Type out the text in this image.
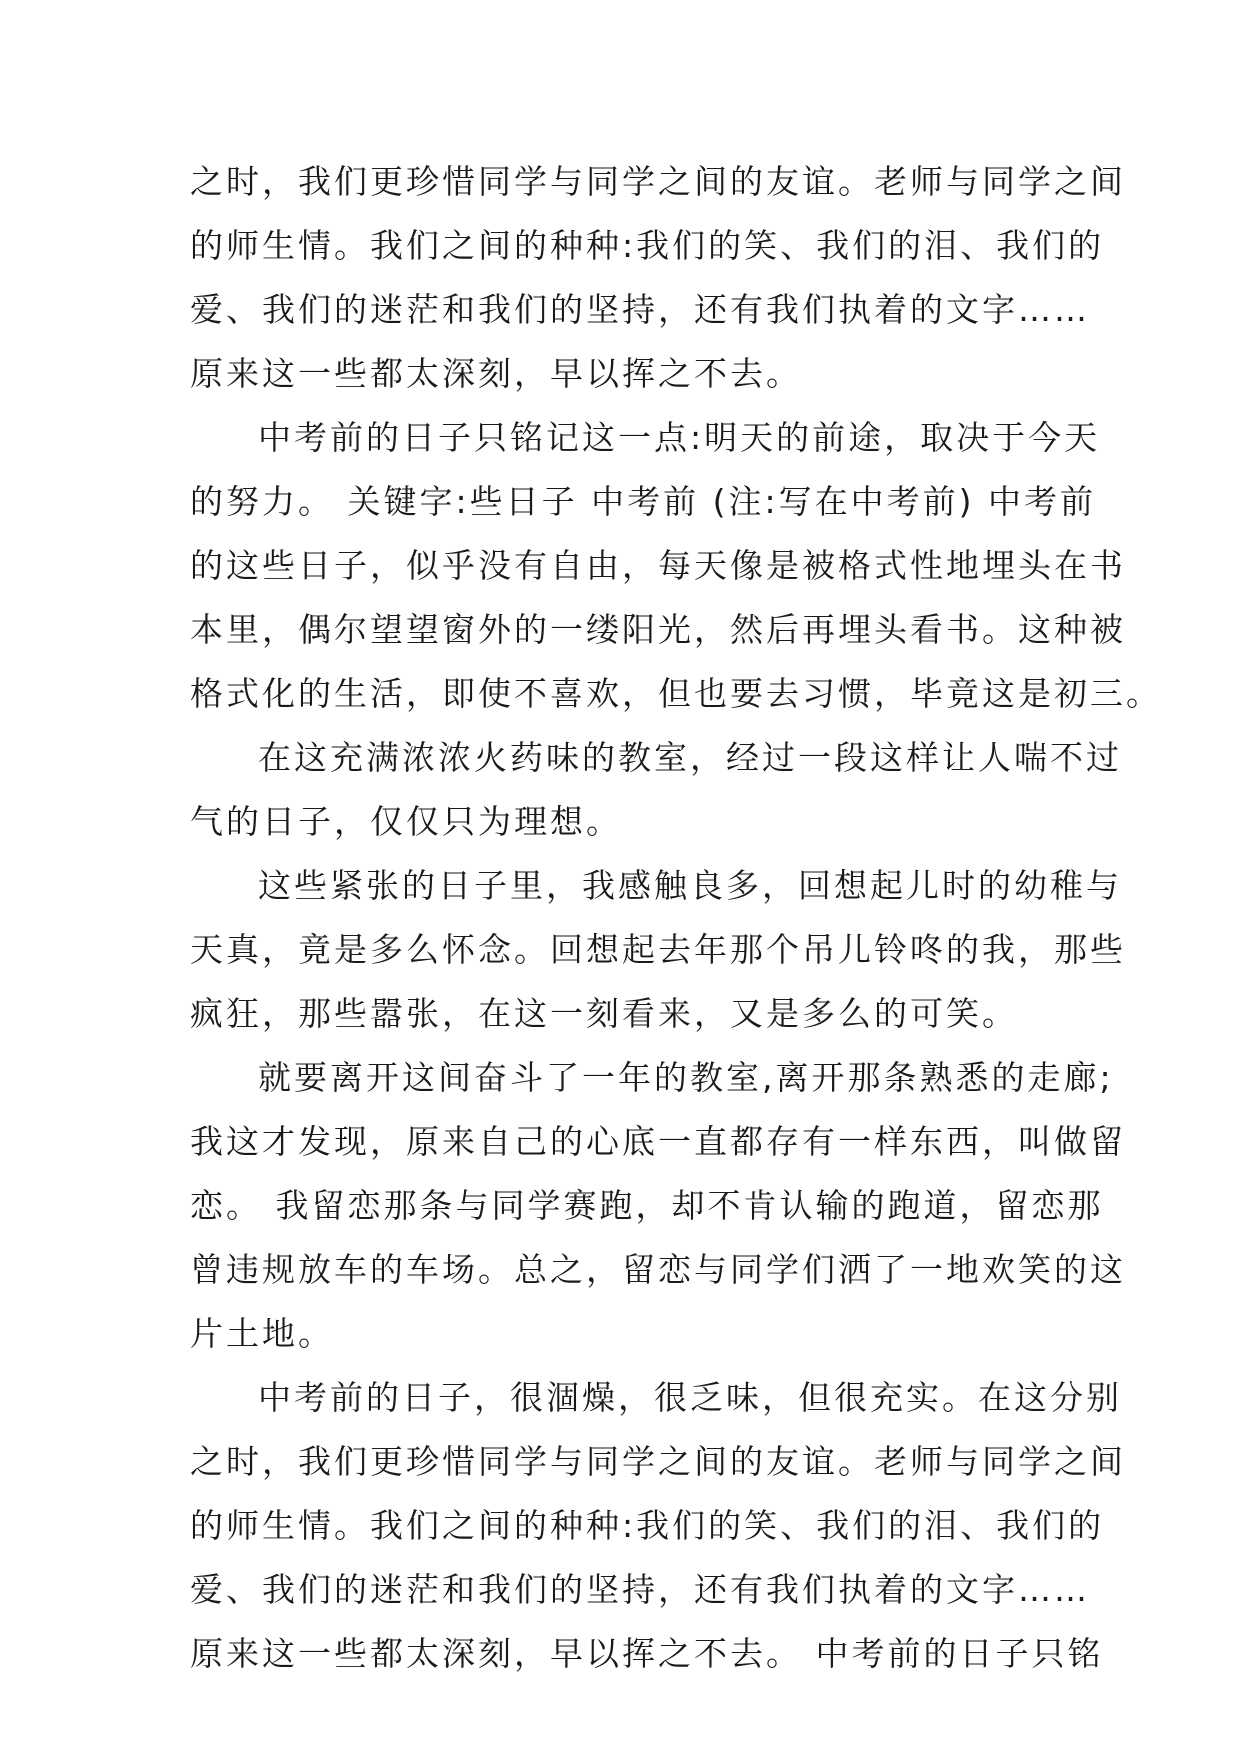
之时，我们更珍惜同学与同学之间的友谊。老师与同学之间
的师生情。我们之间的种种:我们的笑、我们的泪、我们的
爱、我们的迷茫和我们的坚持，还有我们执着的文字……
原来这一些都太深刻，早以挥之不去。
中考前的日子只铭记这一点:明天的前途，取决于今天
的努力。 关键字:些日子 中考前 (注:写在中考前) 中考前
的这些日子，似乎没有自由，每天像是被格式性地埋头在书
本里，偶尔望望窗外的一缕阳光，然后再埋头看书。这种被
格式化的生活，即使不喜欢，但也要去习惯，毕竟这是初三。
在这充满浓浓火药味的教室，经过一段这样让人喘不过
气的日子，仅仅只为理想。
这些紧张的日子里，我感触良多，回想起儿时的幼稚与
天真，竟是多么怀念。回想起去年那个吊儿铃咚的我，那些
疯狂，那些嚣张，在这一刻看来，又是多么的可笑。
就要离开这间奋斗了一年的教室,离开那条熟悉的走廊;
我这才发现，原来自己的心底一直都存有一样东西，叫做留
恋。 我留恋那条与同学赛跑，却不肯认输的跑道，留恋那
曾违规放车的车场。总之，留恋与同学们洒了一地欢笑的这
片土地。
中考前的日子，很涸燥，很乏味，但很充实。在这分别
之时，我们更珍惜同学与同学之间的友谊。老师与同学之间
的师生情。我们之间的种种:我们的笑、我们的泪、我们的
爱、我们的迷茫和我们的坚持，还有我们执着的文字……
原来这一些都太深刻，早以挥之不去。 中考前的日子只铭
